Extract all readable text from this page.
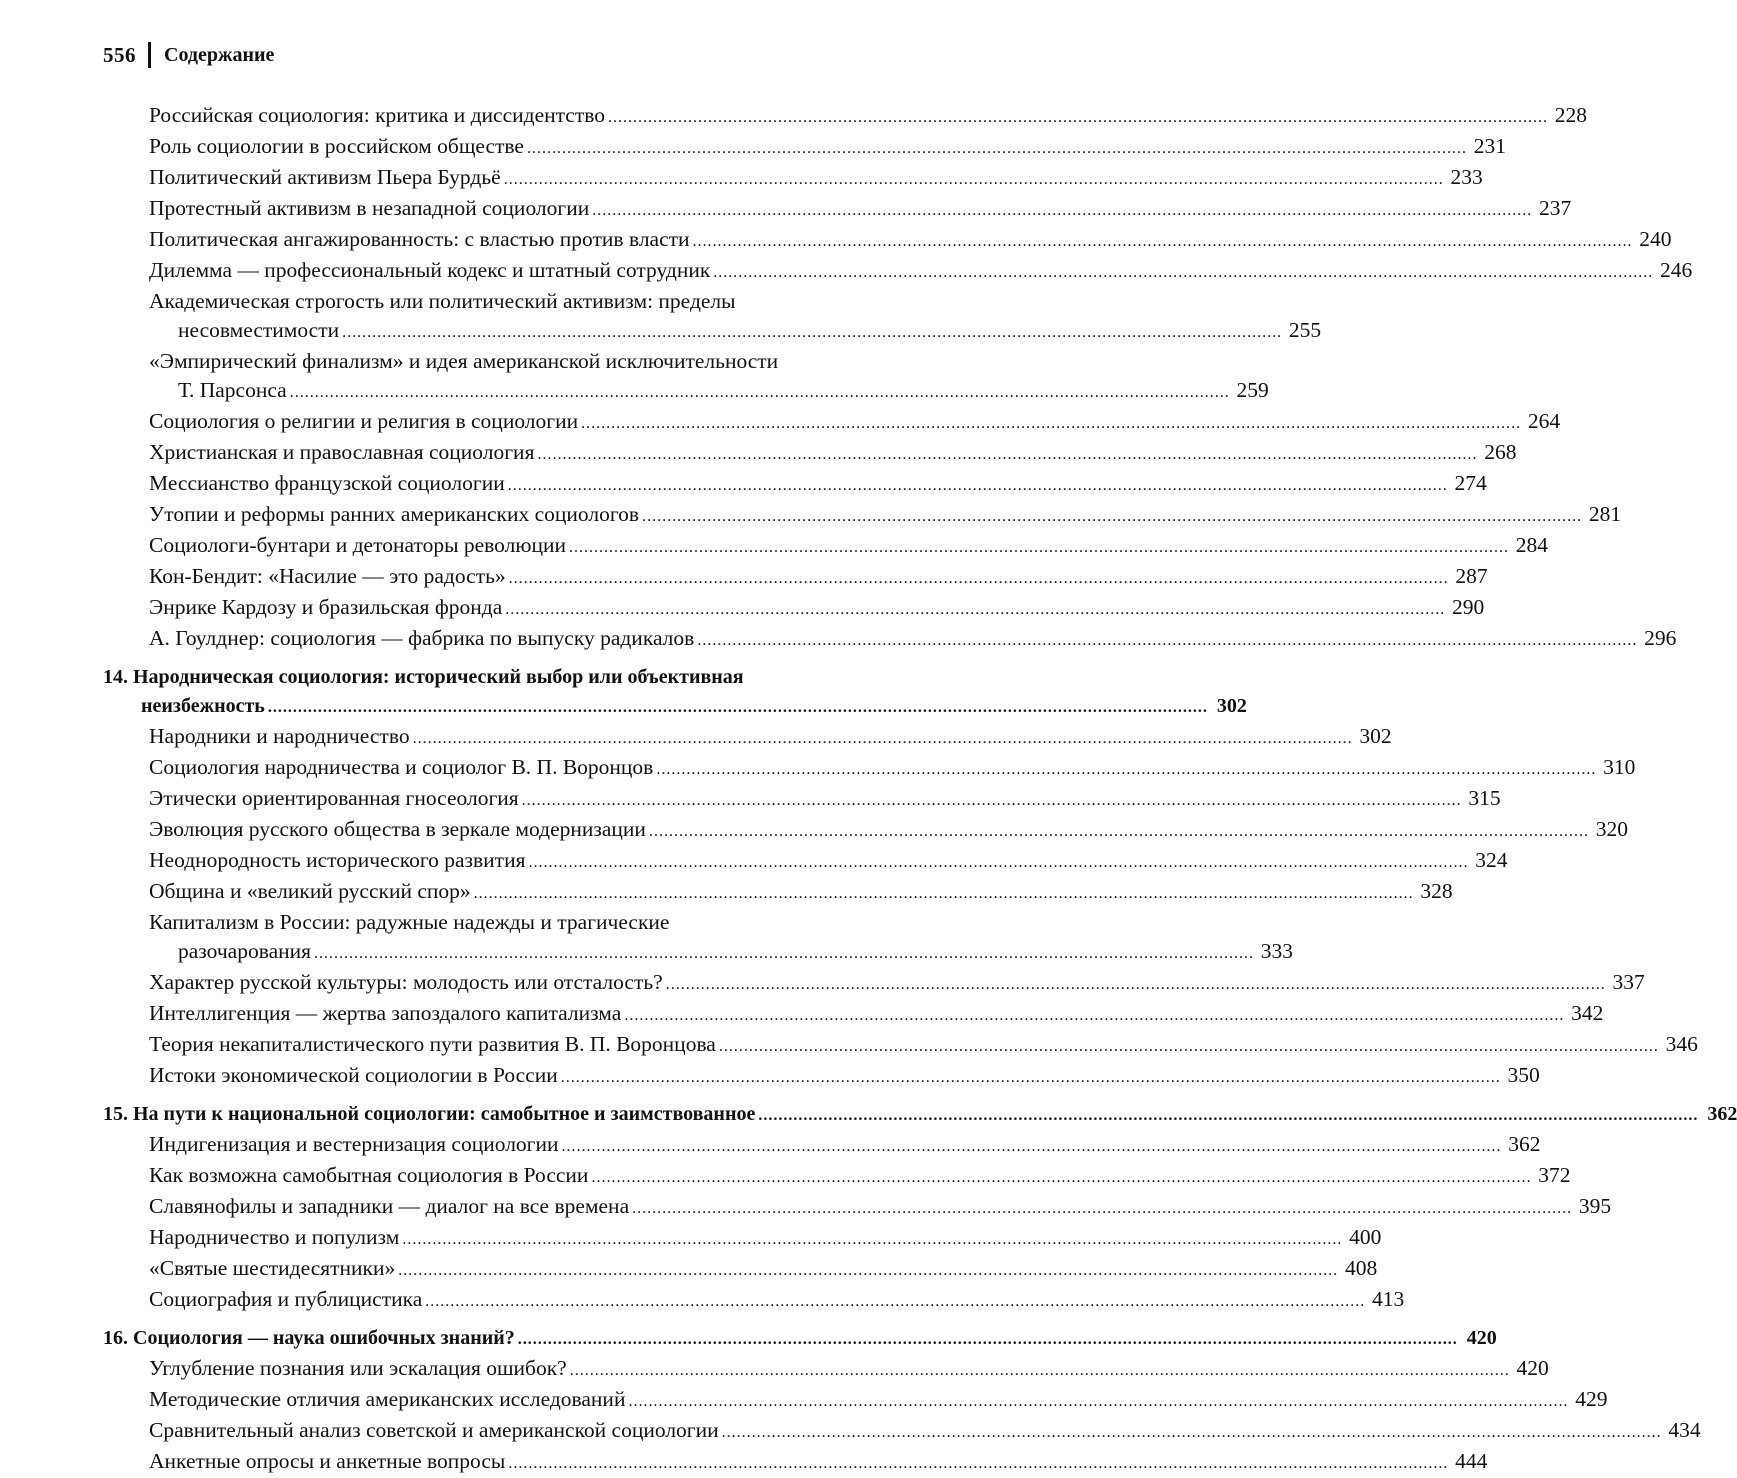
556 Содержание
Российская социология: критика и диссидентство ............................................................................................................................................................................................ 228
Роль социологии в российском обществе ............................................................................................................................................................................................ 231
Политический активизм Пьера Бурдьё ............................................................................................................................................................................................ 233
Протестный активизм в незападной социологии ............................................................................................................................................................................................ 237
Политическая ангажированность: с властью против власти ............................................................................................................................................................................................ 240
Дилемма — профессиональный кодекс и штатный сотрудник ............................................................................................................................................................................................ 246
Академическая строгость или политический активизм: пределы
несовместимости ............................................................................................................................................................................................ 255
«Эмпирический финализм» и идея американской исключительности
Т. Парсонса ............................................................................................................................................................................................ 259
Социология о религии и религия в социологии ............................................................................................................................................................................................ 264
Христианская и православная социология ............................................................................................................................................................................................ 268
Мессианство французской социологии ............................................................................................................................................................................................ 274
Утопии и реформы ранних американских социологов ............................................................................................................................................................................................ 281
Социологи-бунтари и детонаторы революции ............................................................................................................................................................................................ 284
Кон-Бендит: «Насилие — это радость» ............................................................................................................................................................................................ 287
Энрике Кардозу и бразильская фронда ............................................................................................................................................................................................ 290
А. Гоулднер: социология — фабрика по выпуску радикалов ............................................................................................................................................................................................ 296
14. Народническая социология: исторический выбор или объективная
неизбежность ............................................................................................................................................................................................ 302
Народники и народничество ............................................................................................................................................................................................ 302
Социология народничества и социолог В. П. Воронцов ............................................................................................................................................................................................ 310
Этически ориентированная гносеология ............................................................................................................................................................................................ 315
Эволюция русского общества в зеркале модернизации ............................................................................................................................................................................................ 320
Неоднородность исторического развития ............................................................................................................................................................................................ 324
Община и «великий русский спор» ............................................................................................................................................................................................ 328
Капитализм в России: радужные надежды и трагические
разочарования ............................................................................................................................................................................................ 333
Характер русской культуры: молодость или отсталость? ............................................................................................................................................................................................ 337
Интеллигенция — жертва запоздалого капитализма ............................................................................................................................................................................................ 342
Теория некапиталистического пути развития В. П. Воронцова ............................................................................................................................................................................................ 346
Истоки экономической социологии в России ............................................................................................................................................................................................ 350
15. На пути к национальной социологии: самобытное и заимствованное ............................................................................................................................................................................................ 362
Индигенизация и вестернизация социологии ............................................................................................................................................................................................ 362
Как возможна самобытная социология в России ............................................................................................................................................................................................ 372
Славянофилы и западники — диалог на все времена ............................................................................................................................................................................................ 395
Народничество и популизм ............................................................................................................................................................................................ 400
«Святые шестидесятники» ............................................................................................................................................................................................ 408
Социография и публицистика ............................................................................................................................................................................................ 413
16. Социология — наука ошибочных знаний? ............................................................................................................................................................................................ 420
Углубление познания или эскалация ошибок? ............................................................................................................................................................................................ 420
Методические отличия американских исследований ............................................................................................................................................................................................ 429
Сравнительный анализ советской и американской социологии ............................................................................................................................................................................................ 434
Анкетные опросы и анкетные вопросы ............................................................................................................................................................................................ 444
